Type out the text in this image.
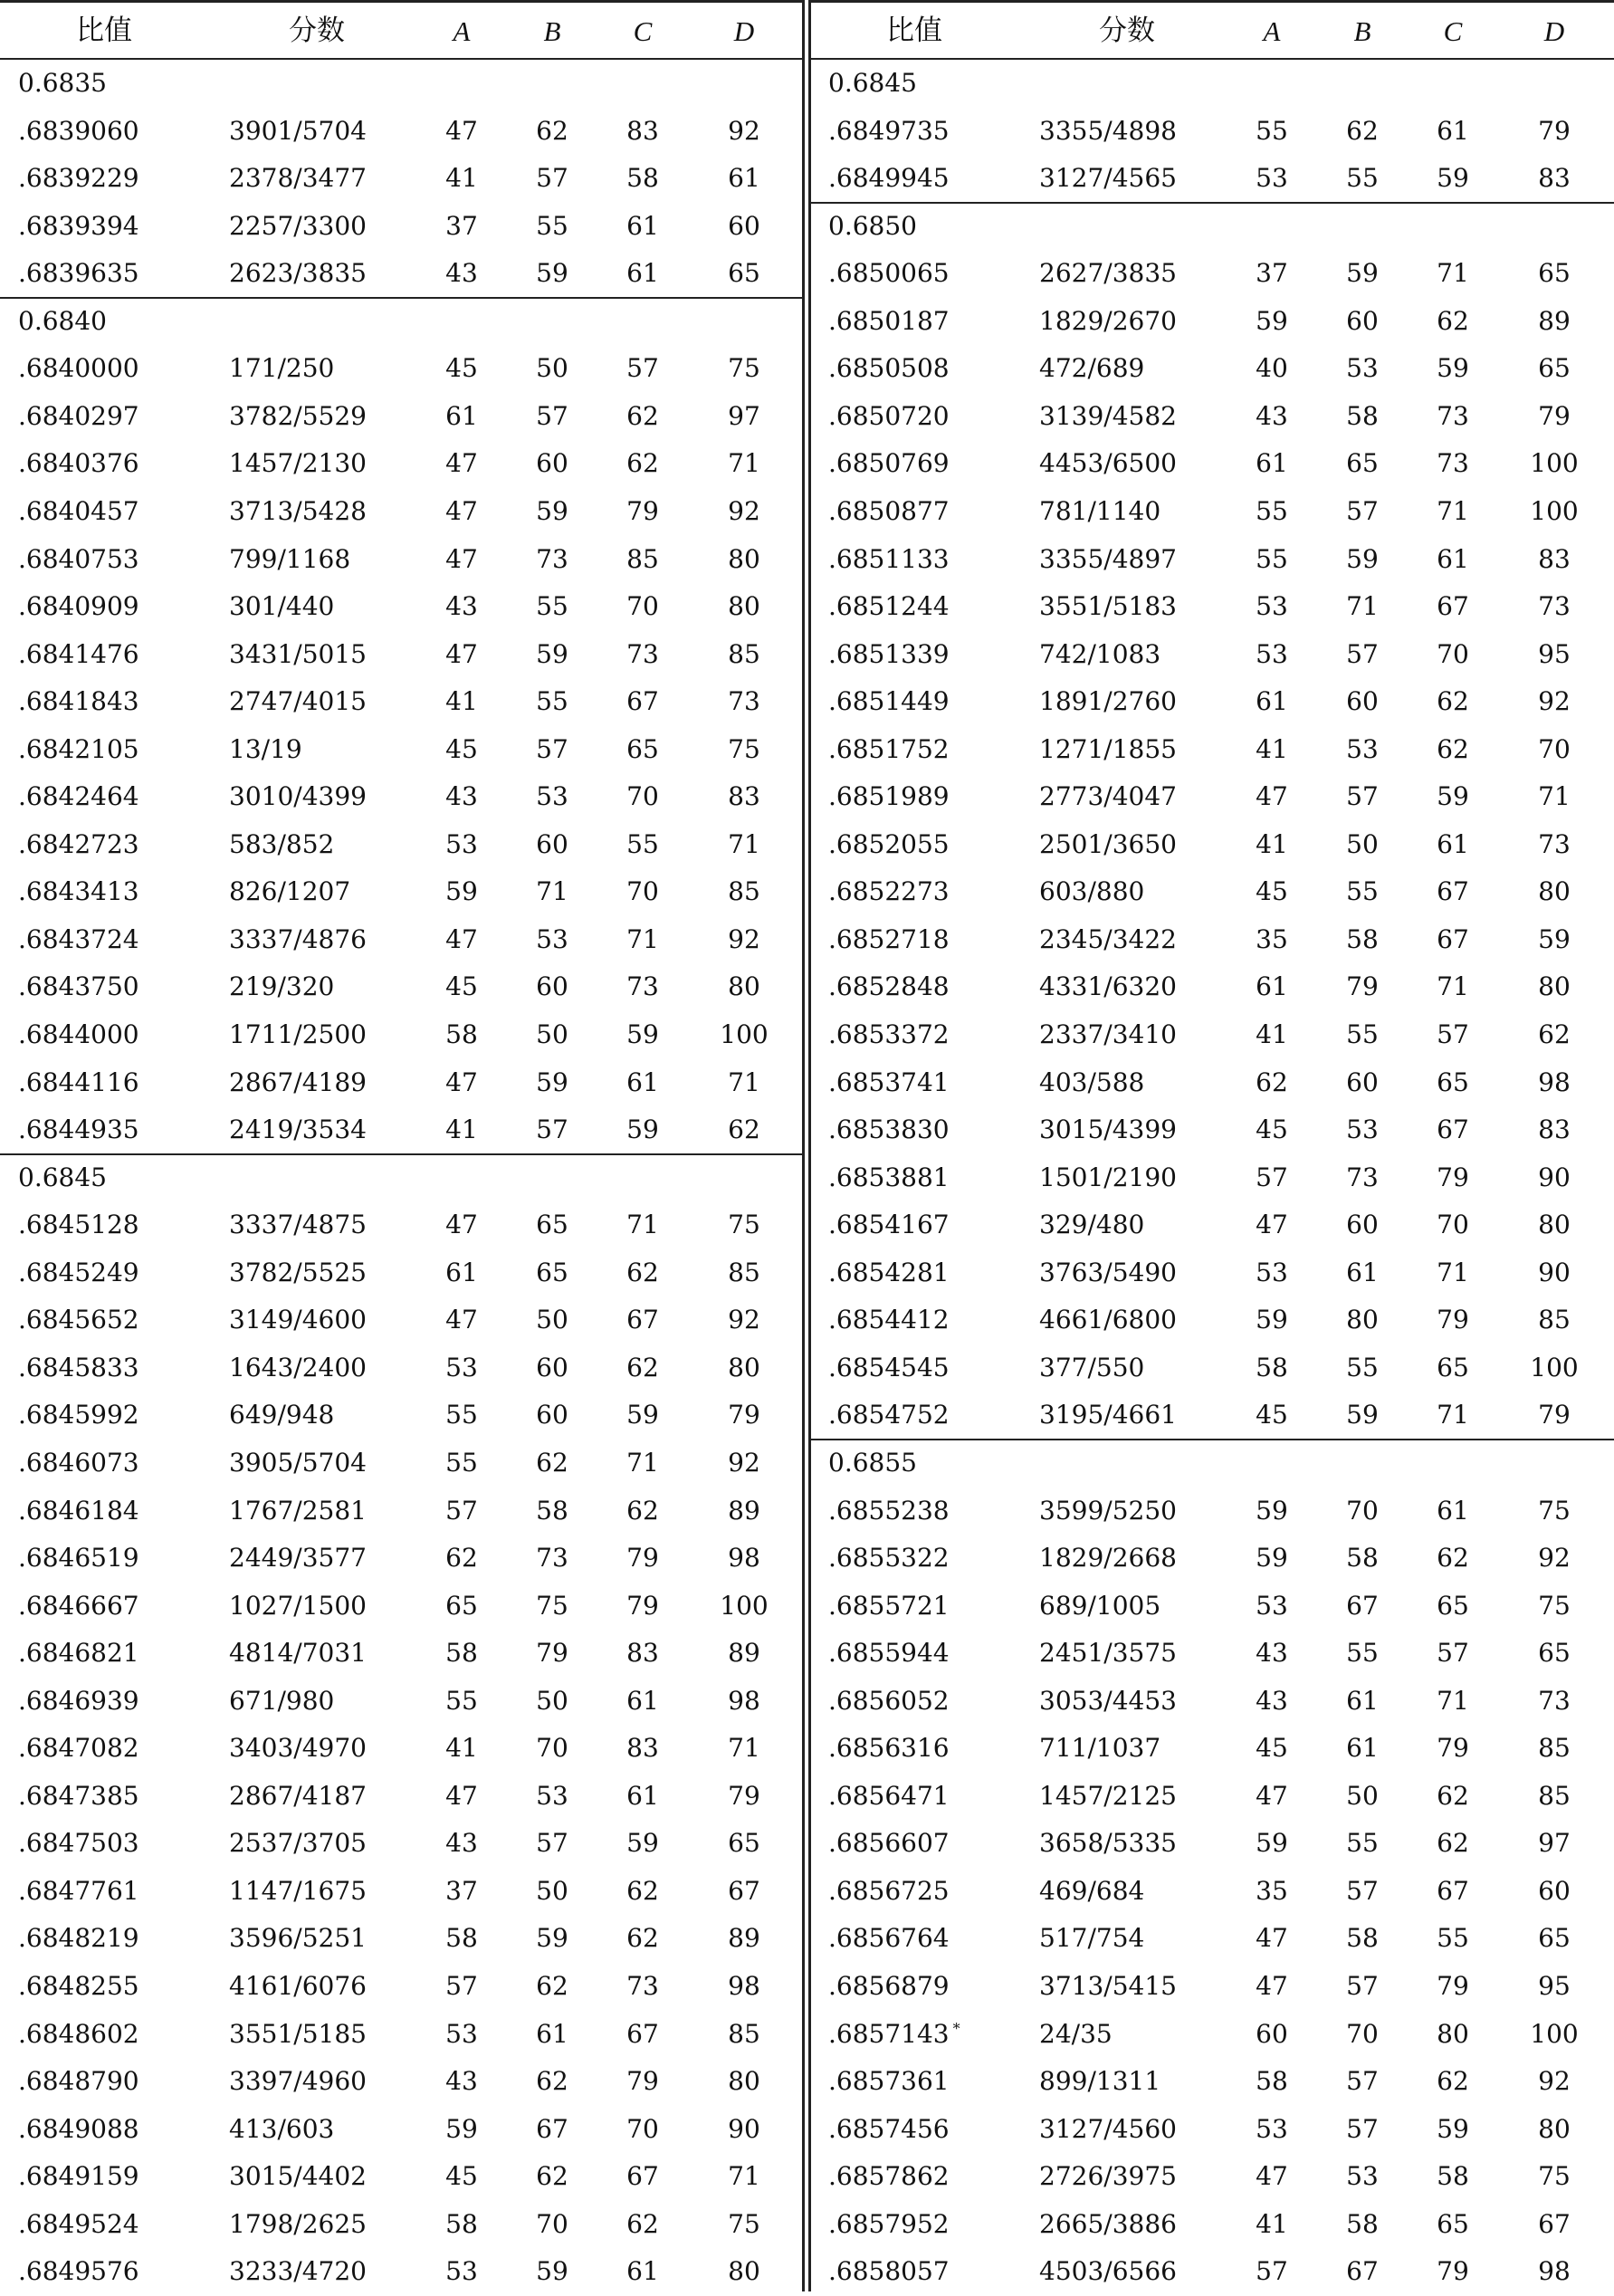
比值	分数	A	B	C	D
0.6835
.6839060	3901/5704	47	62	83	92
.6839229	2378/3477	41	57	58	61
.6839394	2257/3300	37	55	61	60
.6839635	2623/3835	43	59	61	65
0.6840
.6840000	171/250	45	50	57	75
.6840297	3782/5529	61	57	62	97
.6840376	1457/2130	47	60	62	71
.6840457	3713/5428	47	59	79	92
.6840753	799/1168	47	73	85	80
.6840909	301/440	43	55	70	80
.6841476	3431/5015	47	59	73	85
.6841843	2747/4015	41	55	67	73
.6842105	13/19	45	57	65	75
.6842464	3010/4399	43	53	70	83
.6842723	583/852	53	60	55	71
.6843413	826/1207	59	71	70	85
.6843724	3337/4876	47	53	71	92
.6843750	219/320	45	60	73	80
.6844000	1711/2500	58	50	59	100
.6844116	2867/4189	47	59	61	71
.6844935	2419/3534	41	57	59	62
0.6845
.6845128	3337/4875	47	65	71	75
.6845249	3782/5525	61	65	62	85
.6845652	3149/4600	47	50	67	92
.6845833	1643/2400	53	60	62	80
.6845992	649/948	55	60	59	79
.6846073	3905/5704	55	62	71	92
.6846184	1767/2581	57	58	62	89
.6846519	2449/3577	62	73	79	98
.6846667	1027/1500	65	75	79	100
.6846821	4814/7031	58	79	83	89
.6846939	671/980	55	50	61	98
.6847082	3403/4970	41	70	83	71
.6847385	2867/4187	47	53	61	79
.6847503	2537/3705	43	57	59	65
.6847761	1147/1675	37	50	62	67
.6848219	3596/5251	58	59	62	89
.6848255	4161/6076	57	62	73	98
.6848602	3551/5185	53	61	67	85
.6848790	3397/4960	43	62	79	80
.6849088	413/603	59	67	70	90
.6849159	3015/4402	45	62	67	71
.6849524	1798/2625	58	70	62	75
.6849576	3233/4720	53	59	61	80
比值	分数	A	B	C	D
0.6845
.6849735	3355/4898	55	62	61	79
.6849945	3127/4565	53	55	59	83
0.6850
.6850065	2627/3835	37	59	71	65
.6850187	1829/2670	59	60	62	89
.6850508	472/689	40	53	59	65
.6850720	3139/4582	43	58	73	79
.6850769	4453/6500	61	65	73	100
.6850877	781/1140	55	57	71	100
.6851133	3355/4897	55	59	61	83
.6851244	3551/5183	53	71	67	73
.6851339	742/1083	53	57	70	95
.6851449	1891/2760	61	60	62	92
.6851752	1271/1855	41	53	62	70
.6851989	2773/4047	47	57	59	71
.6852055	2501/3650	41	50	61	73
.6852273	603/880	45	55	67	80
.6852718	2345/3422	35	58	67	59
.6852848	4331/6320	61	79	71	80
.6853372	2337/3410	41	55	57	62
.6853741	403/588	62	60	65	98
.6853830	3015/4399	45	53	67	83
.6853881	1501/2190	57	73	79	90
.6854167	329/480	47	60	70	80
.6854281	3763/5490	53	61	71	90
.6854412	4661/6800	59	80	79	85
.6854545	377/550	58	55	65	100
.6854752	3195/4661	45	59	71	79
0.6855
.6855238	3599/5250	59	70	61	75
.6855322	1829/2668	59	58	62	92
.6855721	689/1005	53	67	65	75
.6855944	2451/3575	43	55	57	65
.6856052	3053/4453	43	61	71	73
.6856316	711/1037	45	61	79	85
.6856471	1457/2125	47	50	62	85
.6856607	3658/5335	59	55	62	97
.6856725	469/684	35	57	67	60
.6856764	517/754	47	58	55	65
.6856879	3713/5415	47	57	79	95
.6857143 *	24/35	60	70	80	100
.6857361	899/1311	58	57	62	92
.6857456	3127/4560	53	57	59	80
.6857862	2726/3975	47	53	58	75
.6857952	2665/3886	41	58	65	67
.6858057	4503/6566	57	67	79	98
